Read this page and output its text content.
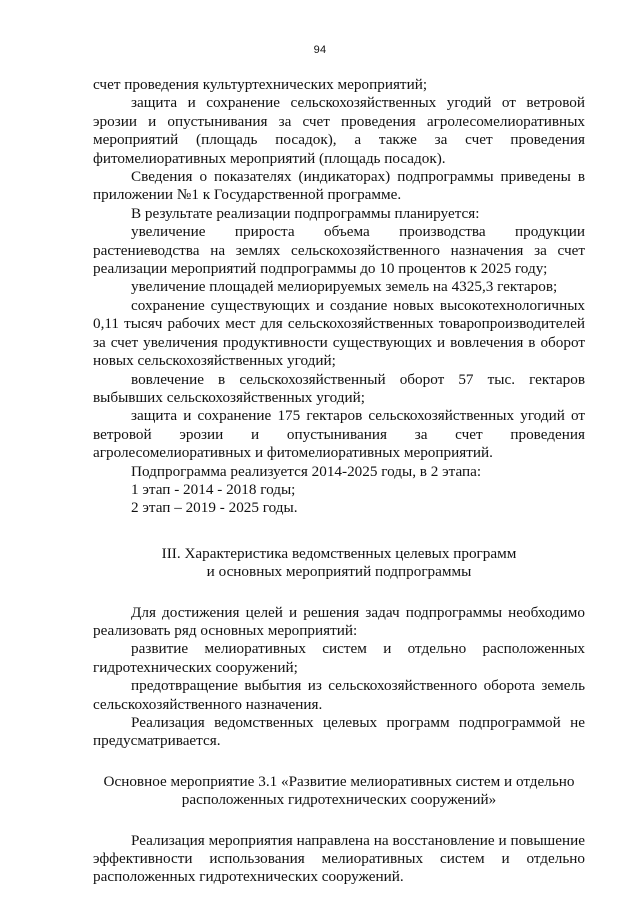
94

счет проведения культуртехнических мероприятий;

защита и сохранение сельскохозяйственных угодий от ветровой эрозии и опустынивания за счет проведения агролесомелиоративных мероприятий (площадь посадок), а также за счет проведения фитомелиоративных мероприятий (площадь посадок).

Сведения о показателях (индикаторах) подпрограммы приведены в приложении №1 к Государственной программе.

В результате реализации подпрограммы планируется:

увеличение прироста объема производства продукции растениеводства на землях сельскохозяйственного назначения за счет реализации мероприятий подпрограммы до 10 процентов к 2025 году;

увеличение площадей мелиорируемых земель на 4325,3 гектаров;

сохранение существующих и создание новых высокотехнологичных 0,11 тысяч рабочих мест для сельскохозяйственных товаропроизводителей за счет увеличения продуктивности существующих и вовлечения в оборот новых сельскохозяйственных угодий;

вовлечение в сельскохозяйственный оборот 57 тыс. гектаров выбывших сельскохозяйственных угодий;

защита и сохранение 175 гектаров сельскохозяйственных угодий от ветровой эрозии и опустынивания за счет проведения агролесомелиоративных и фитомелиоративных мероприятий.

Подпрограмма реализуется 2014-2025 годы, в 2 этапа:

1 этап - 2014 - 2018 годы;

2 этап – 2019 - 2025 годы.

III. Характеристика ведомственных целевых программ

и основных мероприятий подпрограммы

Для достижения целей и решения задач подпрограммы необходимо реализовать ряд основных мероприятий:

развитие мелиоративных систем и отдельно расположенных гидротехнических сооружений;

предотвращение выбытия из сельскохозяйственного оборота земель сельскохозяйственного назначения.

Реализация ведомственных целевых программ подпрограммой не предусматривается.

Основное мероприятие 3.1 «Развитие мелиоративных систем и отдельно

расположенных гидротехнических сооружений»

Реализация мероприятия направлена на восстановление и повышение эффективности использования мелиоративных систем и отдельно расположенных гидротехнических сооружений.
